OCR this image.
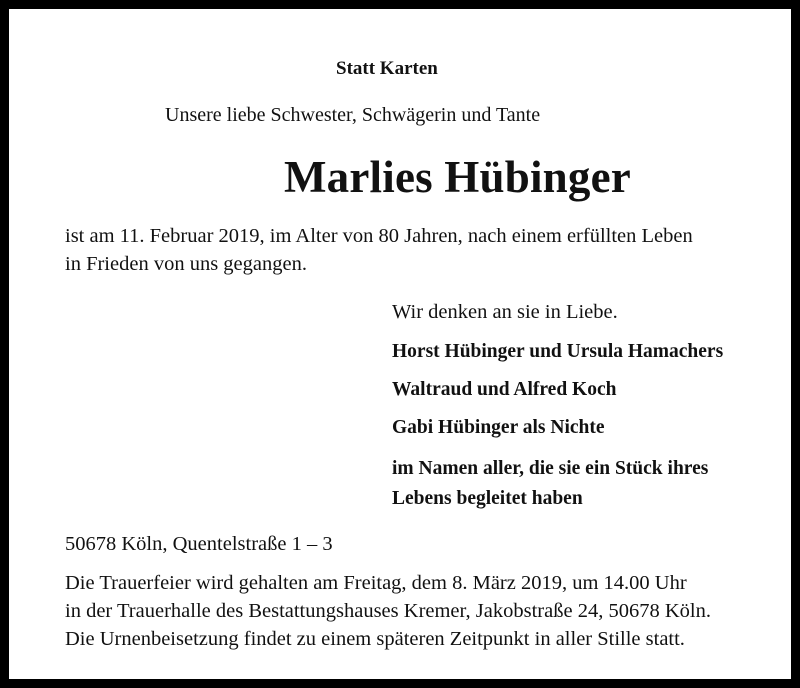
Statt Karten
Unsere liebe Schwester, Schwägerin und Tante
Marlies Hübinger
ist am 11. Februar 2019, im Alter von 80 Jahren, nach einem erfüllten Leben
in Frieden von uns gegangen.
Wir denken an sie in Liebe.
Horst Hübinger und Ursula Hamachers
Waltraud und Alfred Koch
Gabi Hübinger als Nichte
im Namen aller, die sie ein Stück ihres
Lebens begleitet haben
50678 Köln, Quentelstraße 1 – 3
Die Trauerfeier wird gehalten am Freitag, dem 8. März 2019, um 14.00 Uhr
in der Trauerhalle des Bestattungshauses Kremer, Jakobstraße 24, 50678 Köln.
Die Urnenbeisetzung findet zu einem späteren Zeitpunkt in aller Stille statt.
